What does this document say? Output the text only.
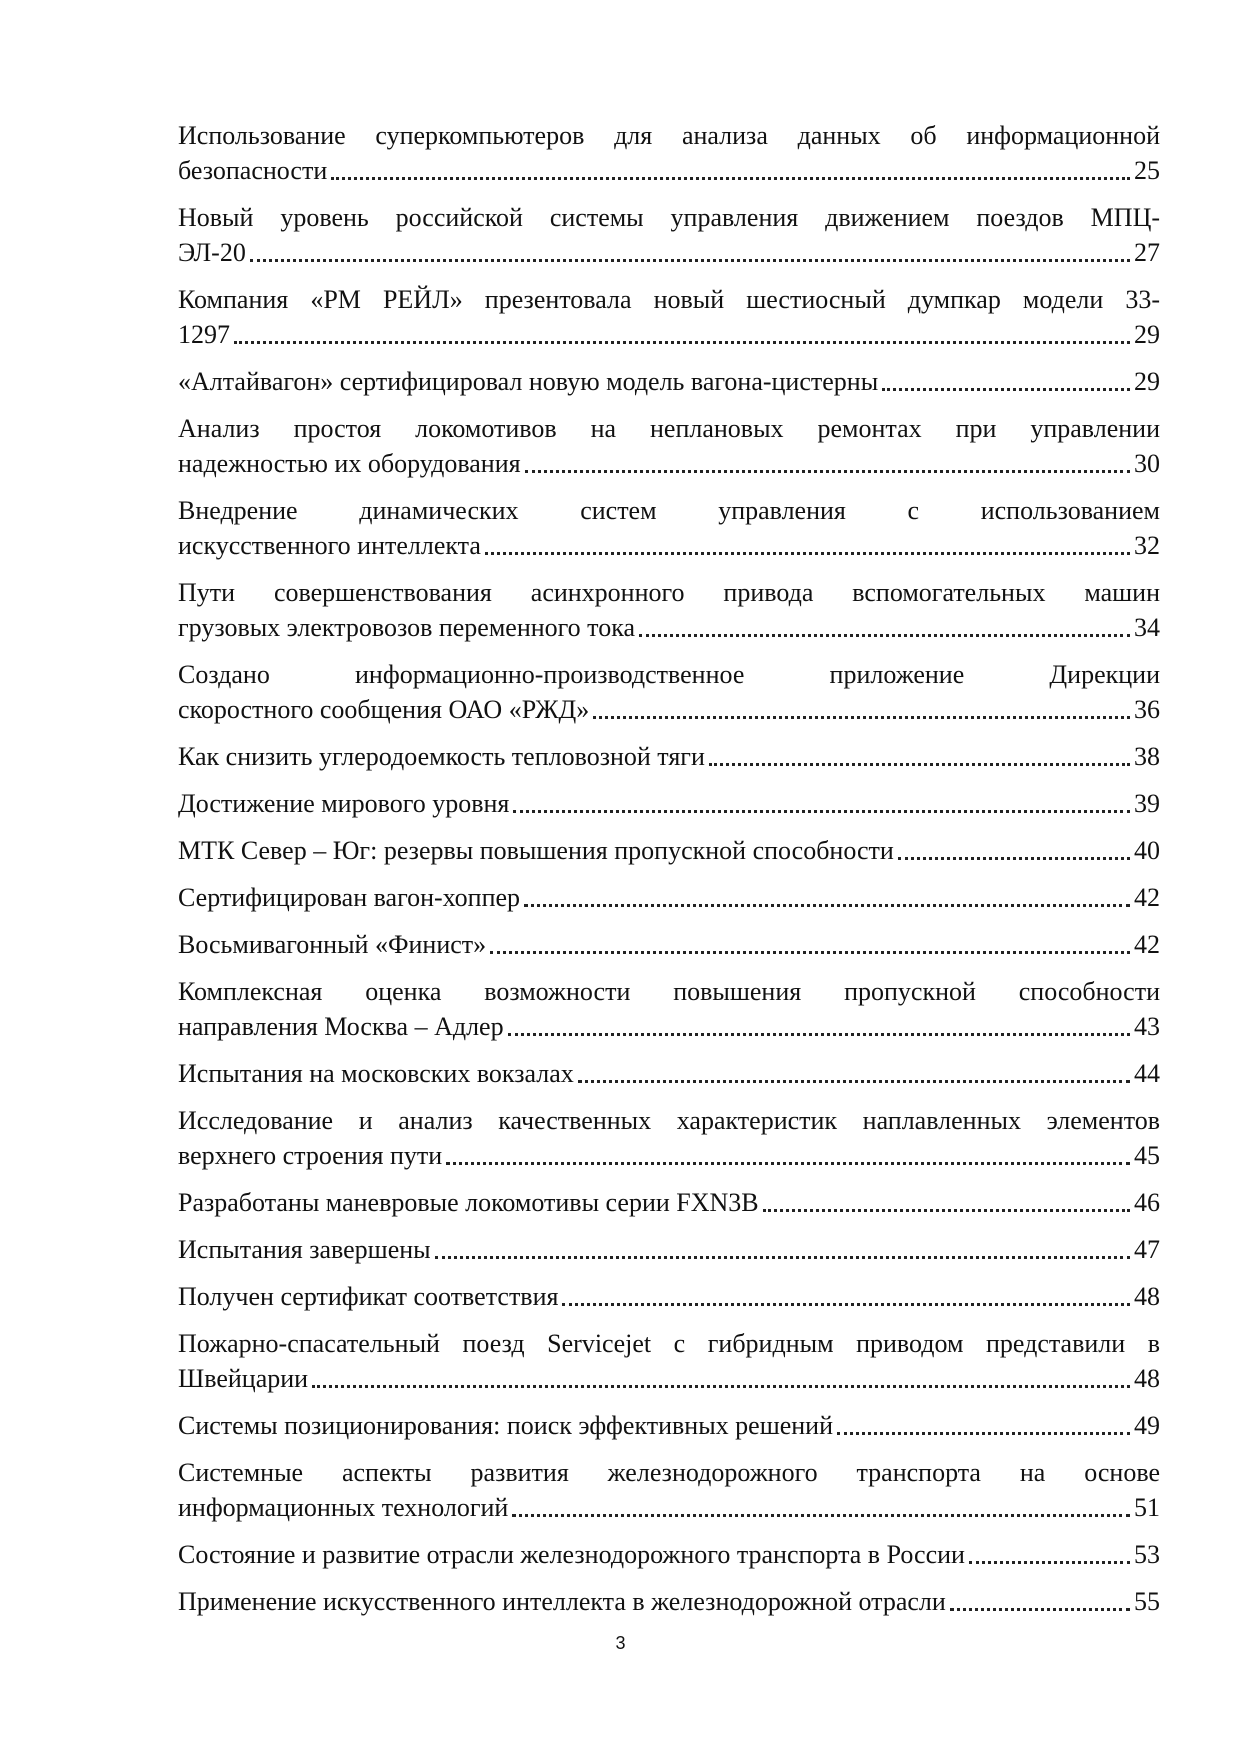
Использование суперкомпьютеров для анализа данных об информационной
безопасности	25
Новый уровень российской системы управления движением поездов МПЦ-
ЭЛ-20	27
Компания «РМ РЕЙЛ» презентовала новый шестиосный думпкар модели 33-
1297	29
«Алтайвагон» сертифицировал новую модель вагона-цистерны	29
Анализ простоя локомотивов на неплановых ремонтах при управлении
надежностью их оборудования	30
Внедрение динамических систем управления с использованием
искусственного интеллекта	32
Пути совершенствования асинхронного привода вспомогательных машин
грузовых электровозов переменного тока	34
Создано информационно-производственное приложение Дирекции
скоростного сообщения ОАО «РЖД»	36
Как снизить углеродоемкость тепловозной тяги	38
Достижение мирового уровня	39
МТК Север – Юг: резервы повышения пропускной способности	40
Сертифицирован вагон-хоппер	42
Восьмивагонный «Финист»	42
Комплексная оценка возможности повышения пропускной способности
направления Москва – Адлер	43
Испытания на московских вокзалах	44
Исследование и анализ качественных характеристик наплавленных элементов
верхнего строения пути	45
Разработаны маневровые локомотивы серии FXN3B	46
Испытания завершены	47
Получен сертификат соответствия	48
Пожарно-спасательный поезд Servicejet с гибридным приводом представили в
Швейцарии	48
Системы позиционирования: поиск эффективных решений	49
Системные аспекты развития железнодорожного транспорта на основе
информационных технологий	51
Состояние и развитие отрасли железнодорожного транспорта в России	53
Применение искусственного интеллекта в железнодорожной отрасли	55
3
